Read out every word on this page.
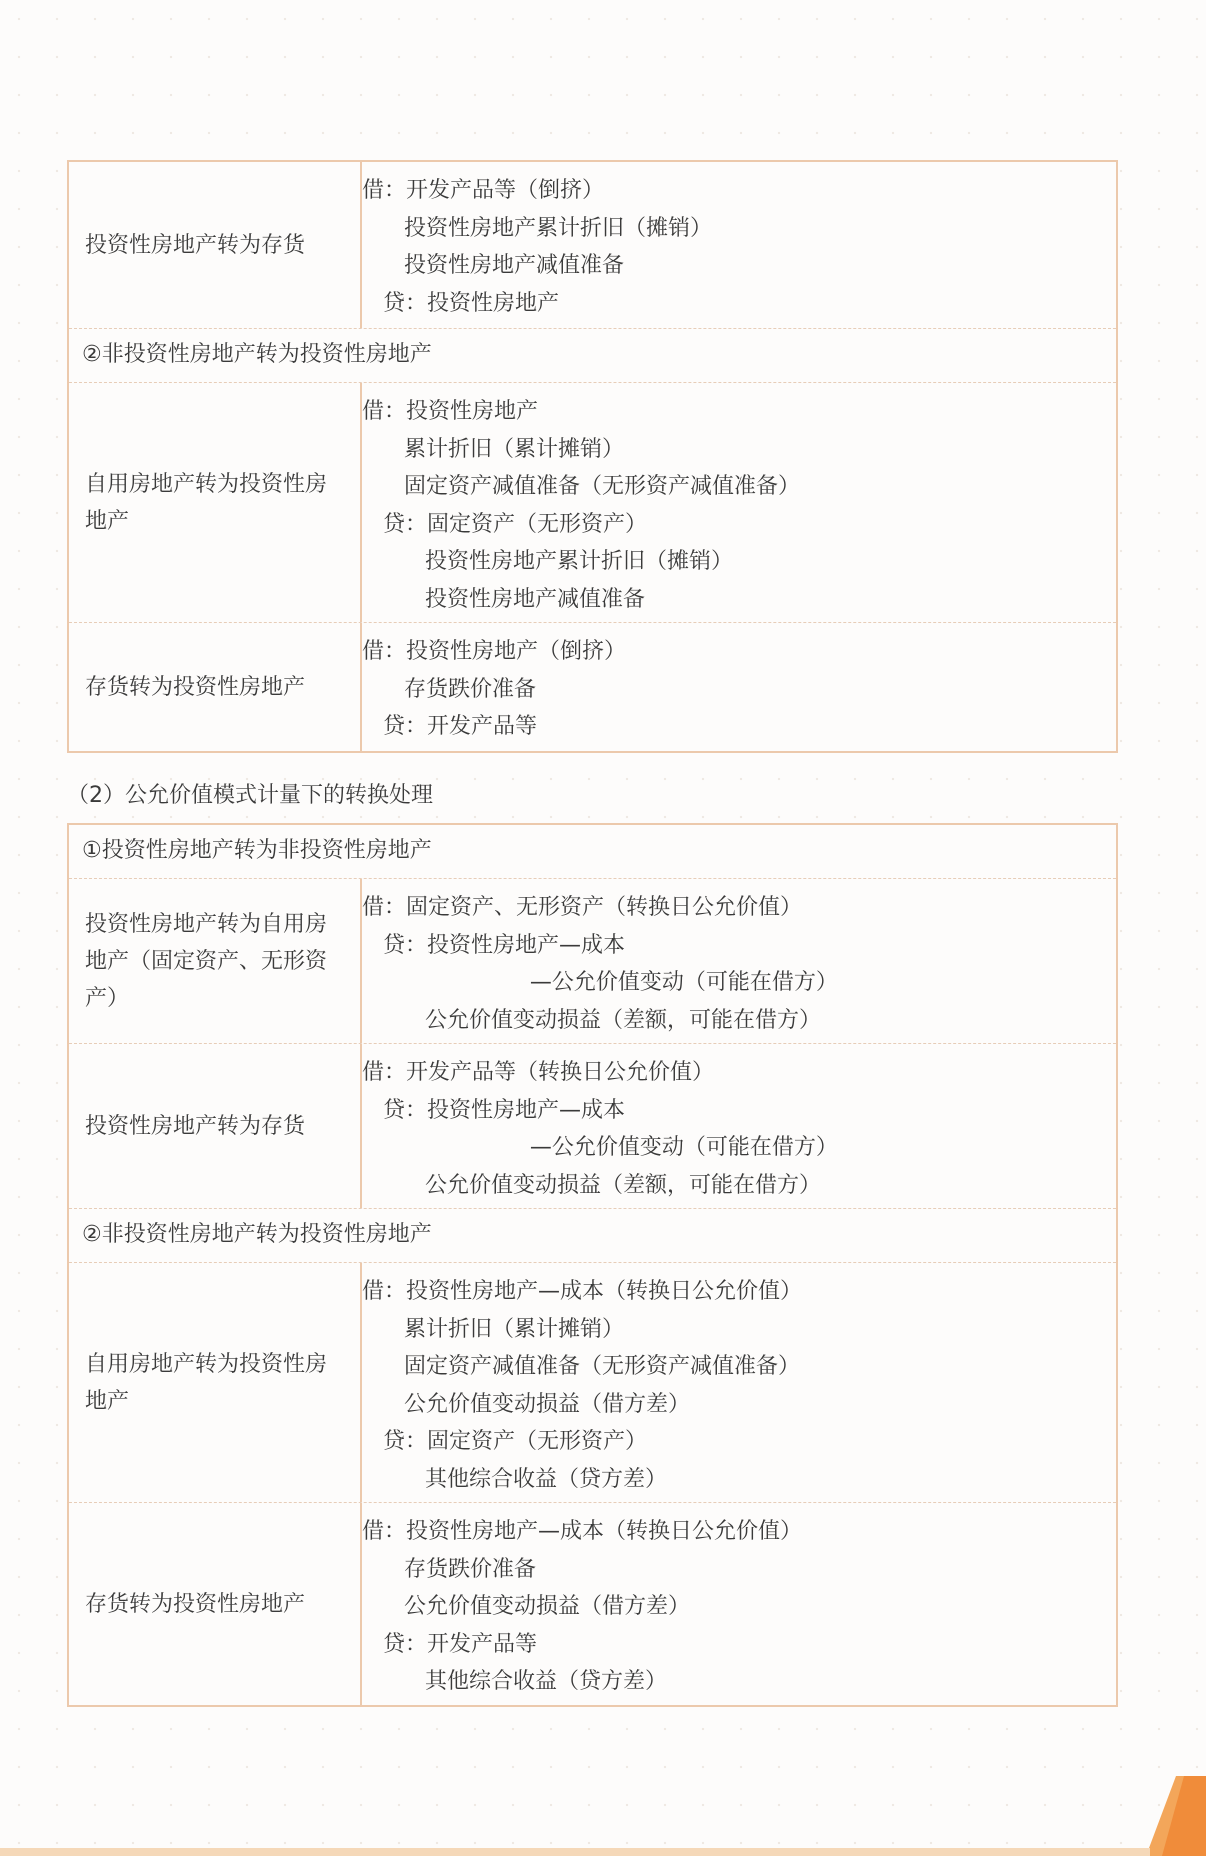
投资性房地产转为存货
借：开发产品等（倒挤）
投资性房地产累计折旧（摊销）
投资性房地产减值准备
贷：投资性房地产
②非投资性房地产转为投资性房地产
自用房地产转为投资性房地产
借：投资性房地产
累计折旧（累计摊销）
固定资产减值准备（无形资产减值准备）
贷：固定资产（无形资产）
投资性房地产累计折旧（摊销）
投资性房地产减值准备
存货转为投资性房地产
借：投资性房地产（倒挤）
存货跌价准备
贷：开发产品等
（2）公允价值模式计量下的转换处理
①投资性房地产转为非投资性房地产
投资性房地产转为自用房地产（固定资产、无形资产）
借：固定资产、无形资产（转换日公允价值）
贷：投资性房地产—成本
—公允价值变动（可能在借方）
公允价值变动损益（差额，可能在借方）
投资性房地产转为存货
借：开发产品等（转换日公允价值）
贷：投资性房地产—成本
—公允价值变动（可能在借方）
公允价值变动损益（差额，可能在借方）
②非投资性房地产转为投资性房地产
自用房地产转为投资性房地产
借：投资性房地产—成本（转换日公允价值）
累计折旧（累计摊销）
固定资产减值准备（无形资产减值准备）
公允价值变动损益（借方差）
贷：固定资产（无形资产）
其他综合收益（贷方差）
存货转为投资性房地产
借：投资性房地产—成本（转换日公允价值）
存货跌价准备
公允价值变动损益（借方差）
贷：开发产品等
其他综合收益（贷方差）
